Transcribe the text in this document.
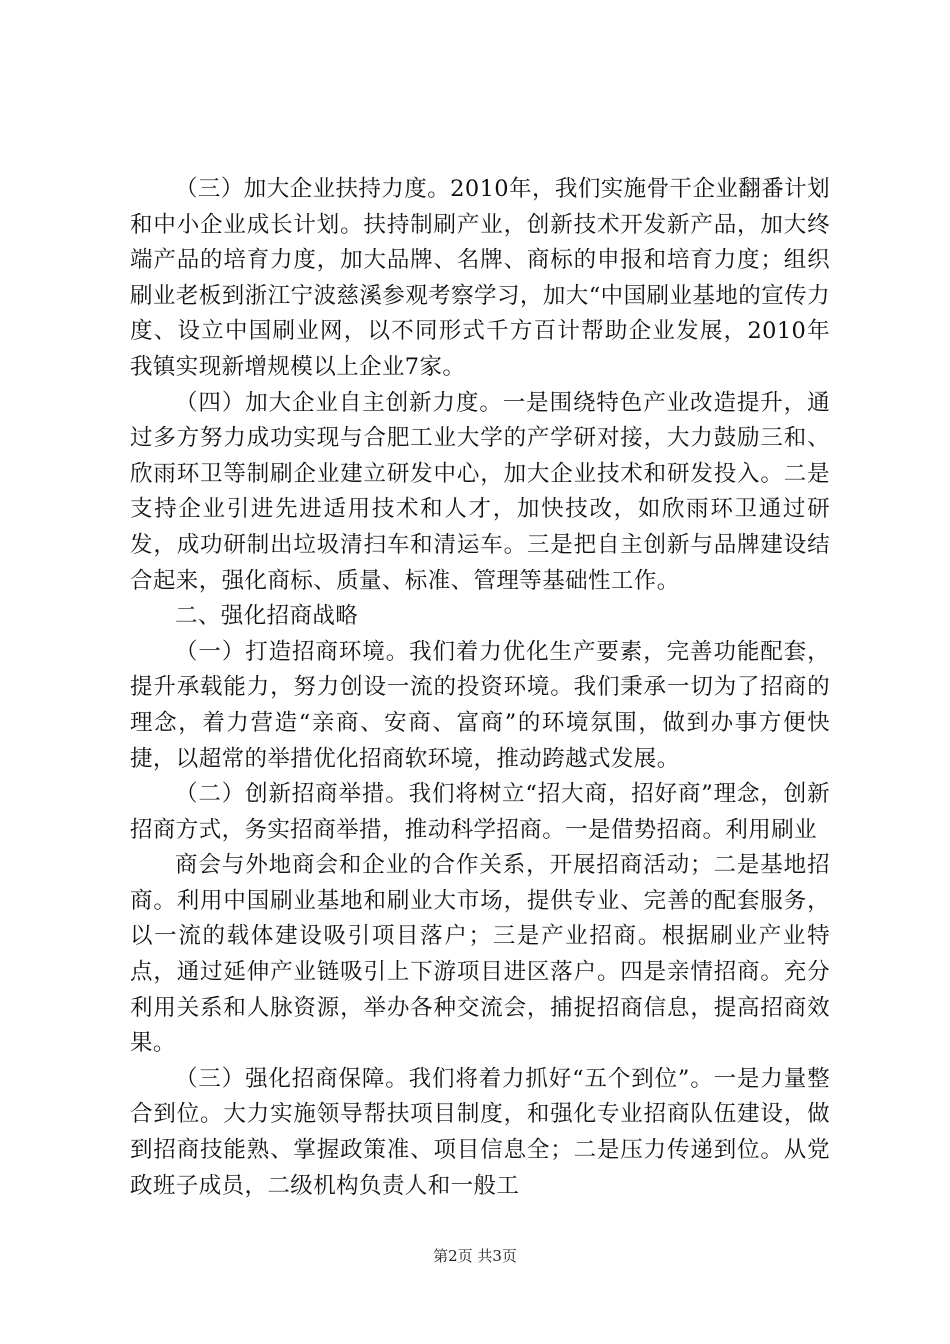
（三）加大企业扶持力度。2010年，我们实施骨干企业翻番计划和中小企业成长计划。扶持制刷产业，创新技术开发新产品，加大终端产品的培育力度，加大品牌、名牌、商标的申报和培育力度；组织刷业老板到浙江宁波慈溪参观考察学习，加大“中国刷业基地的宣传力度、设立中国刷业网，以不同形式千方百计帮助企业发展，2010年我镇实现新增规模以上企业7家。

（四）加大企业自主创新力度。一是围绕特色产业改造提升，通过多方努力成功实现与合肥工业大学的产学研对接，大力鼓励三和、欣雨环卫等制刷企业建立研发中心，加大企业技术和研发投入。二是支持企业引进先进适用技术和人才，加快技改，如欣雨环卫通过研发，成功研制出垃圾清扫车和清运车。三是把自主创新与品牌建设结合起来，强化商标、质量、标准、管理等基础性工作。

二、强化招商战略

（一）打造招商环境。我们着力优化生产要素，完善功能配套，提升承载能力，努力创设一流的投资环境。我们秉承一切为了招商的理念，着力营造“亲商、安商、富商”的环境氛围，做到办事方便快捷，以超常的举措优化招商软环境，推动跨越式发展。

（二）创新招商举措。我们将树立“招大商，招好商”理念，创新招商方式，务实招商举措，推动科学招商。一是借势招商。利用刷业

商会与外地商会和企业的合作关系，开展招商活动；二是基地招商。利用中国刷业基地和刷业大市场，提供专业、完善的配套服务，以一流的载体建设吸引项目落户；三是产业招商。根据刷业产业特点，通过延伸产业链吸引上下游项目进区落户。四是亲情招商。充分利用关系和人脉资源，举办各种交流会，捕捉招商信息，提高招商效果。

（三）强化招商保障。我们将着力抓好“五个到位”。一是力量整合到位。大力实施领导帮扶项目制度，和强化专业招商队伍建设，做到招商技能熟、掌握政策准、项目信息全；二是压力传递到位。从党政班子成员，二级机构负责人和一般工

第2页 共3页
